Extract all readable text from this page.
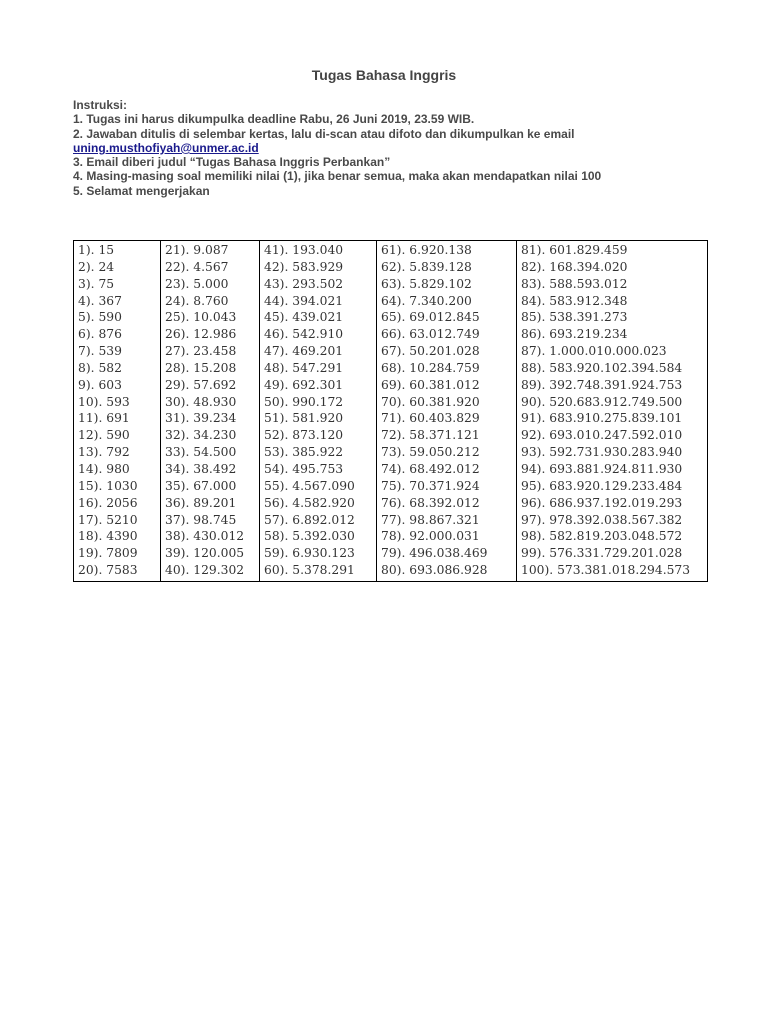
Tugas Bahasa Inggris
Instruksi:
1. Tugas ini harus dikumpulka deadline Rabu, 26 Juni 2019, 23.59 WIB.
2. Jawaban ditulis di selembar kertas, lalu di-scan atau difoto dan dikumpulkan ke email
uning.musthofiyah@unmer.ac.id
3. Email diberi judul “Tugas Bahasa Inggris Perbankan”
4. Masing-masing soal memiliki nilai (1), jika benar semua, maka akan mendapatkan nilai 100
5. Selamat mengerjakan
1). 15	21). 9.087	41). 193.040	61). 6.920.138	81). 601.829.459
2). 24	22). 4.567	42). 583.929	62). 5.839.128	82). 168.394.020
3). 75	23). 5.000	43). 293.502	63). 5.829.102	83). 588.593.012
4). 367	24). 8.760	44). 394.021	64). 7.340.200	84). 583.912.348
5). 590	25). 10.043	45). 439.021	65). 69.012.845	85). 538.391.273
6). 876	26). 12.986	46). 542.910	66). 63.012.749	86). 693.219.234
7). 539	27). 23.458	47). 469.201	67). 50.201.028	87). 1.000.010.000.023
8). 582	28). 15.208	48). 547.291	68). 10.284.759	88). 583.920.102.394.584
9). 603	29). 57.692	49). 692.301	69). 60.381.012	89). 392.748.391.924.753
10). 593	30). 48.930	50). 990.172	70). 60.381.920	90). 520.683.912.749.500
11). 691	31). 39.234	51). 581.920	71). 60.403.829	91). 683.910.275.839.101
12). 590	32). 34.230	52). 873.120	72). 58.371.121	92). 693.010.247.592.010
13). 792	33). 54.500	53). 385.922	73). 59.050.212	93). 592.731.930.283.940
14). 980	34). 38.492	54). 495.753	74). 68.492.012	94). 693.881.924.811.930
15). 1030	35). 67.000	55). 4.567.090	75). 70.371.924	95). 683.920.129.233.484
16). 2056	36). 89.201	56). 4.582.920	76). 68.392.012	96). 686.937.192.019.293
17). 5210	37). 98.745	57). 6.892.012	77). 98.867.321	97). 978.392.038.567.382
18). 4390	38). 430.012	58). 5.392.030	78). 92.000.031	98). 582.819.203.048.572
19). 7809	39). 120.005	59). 6.930.123	79). 496.038.469	99). 576.331.729.201.028
20). 7583	40). 129.302	60). 5.378.291	80). 693.086.928	100). 573.381.018.294.573
